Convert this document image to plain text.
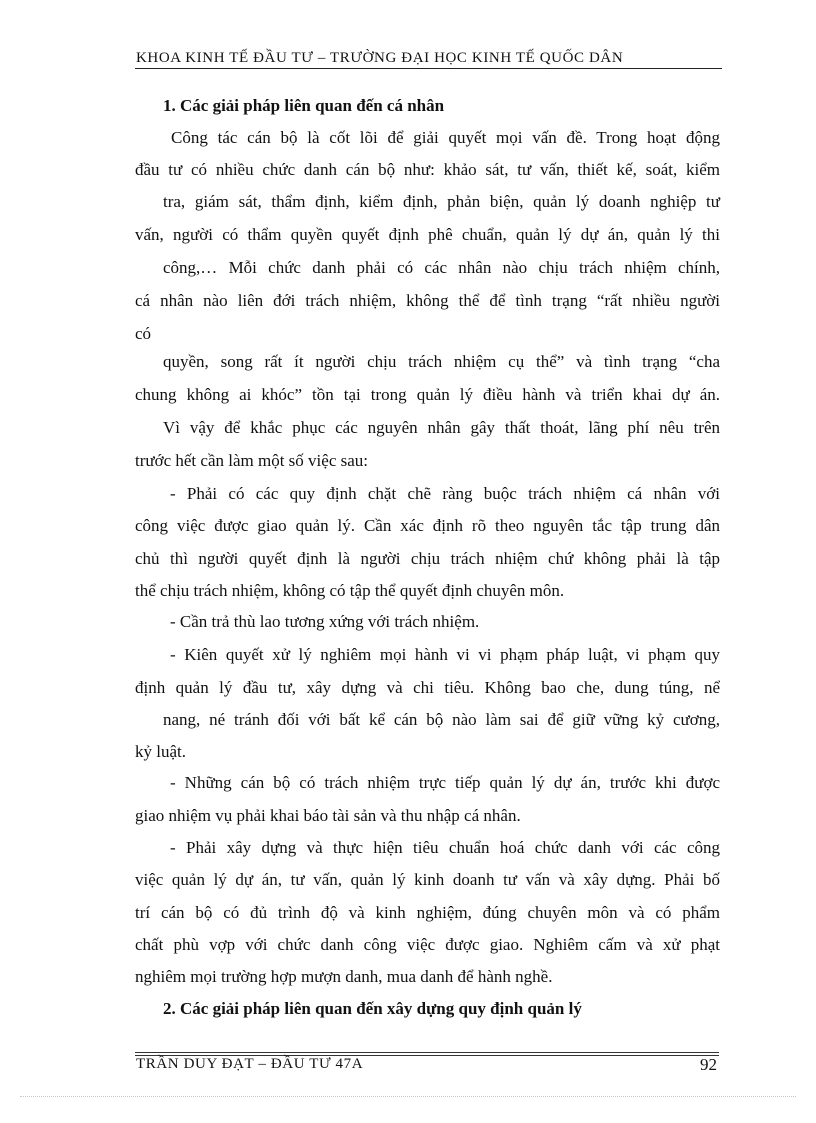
KHOA KINH TẾ ĐẦU TƯ – TRƯỜNG ĐẠI HỌC KINH TẾ QUỐC DÂN
1. Các giải pháp liên quan đến cá nhân
Công tác cán bộ là cốt lõi để giải quyết mọi vấn đề. Trong hoạt động
đầu tư có nhiều chức danh cán bộ như: khảo sát, tư vấn, thiết kế, soát, kiểm
tra, giám sát, thẩm định, kiểm định, phản biện, quản lý doanh nghiệp tư
vấn, người có thẩm quyền quyết định phê chuẩn, quản lý dự án, quản lý thi
công,… Mỗi chức danh phải có các nhân nào chịu trách nhiệm chính,
cá nhân nào liên đới trách nhiệm, không thể để tình trạng “rất nhiều người
có
quyền, song rất ít người chịu trách nhiệm cụ thể” và tình trạng “cha
chung không ai khóc” tồn tại trong quản lý điều hành và triển khai dự án.
Vì vậy để khắc phục các nguyên nhân gây thất thoát, lãng phí nêu trên
trước hết cần làm một số việc sau:
- Phải có các quy định chặt chẽ ràng buộc trách nhiệm cá nhân với
công việc được giao quản lý. Cần xác định rõ theo nguyên tắc tập trung dân
chủ thì người quyết định là người chịu trách nhiệm chứ không phải là tập
thể chịu trách nhiệm, không có tập thể quyết định chuyên môn.
- Cần trả thù lao tương xứng với trách nhiệm.
- Kiên quyết xử lý nghiêm mọi hành vi vi phạm pháp luật, vi phạm quy
định quản lý đầu tư, xây dựng và chi tiêu. Không bao che, dung túng, nể
nang, né tránh đối với bất kể cán bộ nào làm sai để giữ vững kỷ cương,
kỷ luật.
- Những cán bộ có trách nhiệm trực tiếp quản lý dự án, trước khi được
giao nhiệm vụ phải khai báo tài sản và thu nhập cá nhân.
- Phải xây dựng và thực hiện tiêu chuẩn hoá chức danh với các công
việc quản lý dự án, tư vấn, quản lý kinh doanh tư vấn và xây dựng. Phải bố
trí cán bộ có đủ trình độ và kinh nghiệm, đúng chuyên môn và có phẩm
chất phù vợp với chức danh công việc được giao. Nghiêm cấm và xử phạt
nghiêm mọi trường hợp mượn danh, mua danh để hành nghề.
2. Các giải pháp liên quan đến xây dựng quy định quản lý
TRẦN DUY ĐẠT – ĐẦU TƯ 47A	92
